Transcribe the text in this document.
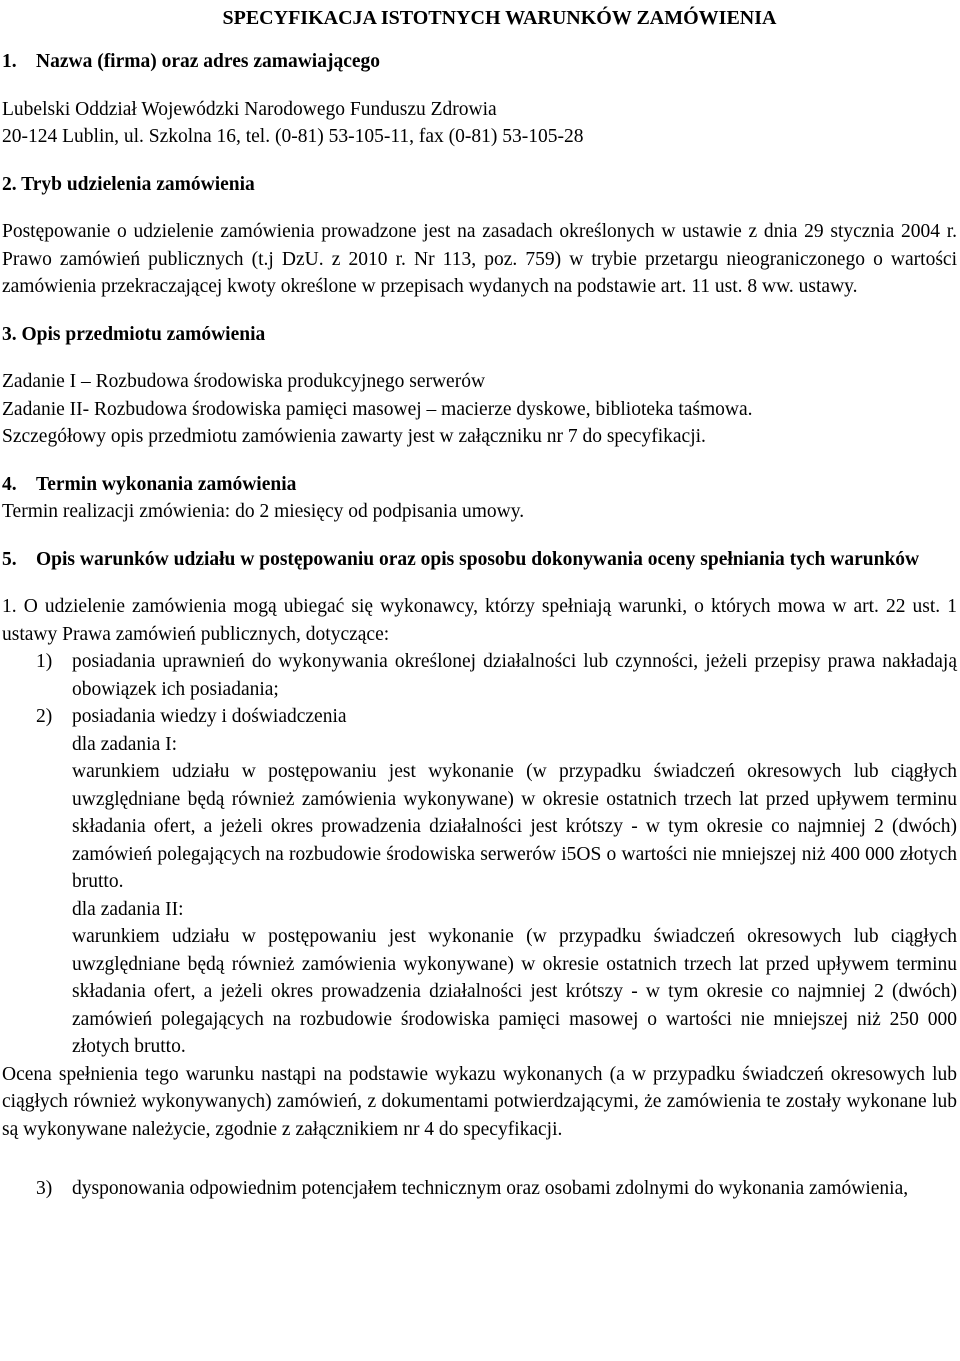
SPECYFIKACJA ISTOTNYCH WARUNKÓW ZAMÓWIENIA
1. Nazwa (firma) oraz adres zamawiającego

Lubelski Oddział Wojewódzki Narodowego Funduszu Zdrowia

20-124 Lublin, ul. Szkolna 16, tel. (0-81) 53-105-11, fax (0-81) 53-105-28

2. Tryb udzielenia zamówienia

Postępowanie o udzielenie zamówienia prowadzone jest na zasadach określonych w ustawie z dnia 29 stycznia 2004 r. Prawo zamówień publicznych (t.j DzU. z 2010 r. Nr 113, poz. 759) w trybie przetargu nieograniczonego o wartości zamówienia przekraczającej kwoty określone w przepisach wydanych na podstawie art. 11 ust. 8 ww. ustawy.

3. Opis przedmiotu zamówienia

Zadanie I – Rozbudowa środowiska produkcyjnego serwerów

Zadanie II- Rozbudowa środowiska pamięci masowej – macierze dyskowe, biblioteka taśmowa.

Szczegółowy opis przedmiotu zamówienia zawarty jest w załączniku nr 7 do specyfikacji.

4. Termin wykonania zamówienia

Termin realizacji zmówienia: do 2 miesięcy od podpisania umowy.

5. Opis warunków udziału w postępowaniu oraz opis sposobu dokonywania oceny spełniania tych warunków

1. O udzielenie zamówienia mogą ubiegać się wykonawcy, którzy spełniają warunki, o których mowa w art. 22 ust. 1 ustawy Prawa zamówień publicznych, dotyczące:

1)	posiadania uprawnień do wykonywania określonej działalności lub czynności, jeżeli przepisy prawa nakładają obowiązek ich posiadania;
2)	posiadania wiedzy i doświadczenia

dla zadania I:

warunkiem udziału w postępowaniu jest wykonanie (w przypadku świadczeń okresowych lub ciągłych uwzględniane będą również zamówienia wykonywane) w okresie ostatnich trzech lat przed upływem terminu składania ofert, a jeżeli okres prowadzenia działalności jest krótszy - w tym okresie co najmniej 2 (dwóch) zamówień polegających na rozbudowie środowiska serwerów i5OS o wartości nie mniejszej niż 400 000 złotych brutto.

dla zadania II:

warunkiem udziału w postępowaniu jest wykonanie (w przypadku świadczeń okresowych lub ciągłych uwzględniane będą również zamówienia wykonywane) w okresie ostatnich trzech lat przed upływem terminu składania ofert, a jeżeli okres prowadzenia działalności jest krótszy - w tym okresie co najmniej 2 (dwóch) zamówień polegających na rozbudowie środowiska pamięci masowej o wartości nie mniejszej niż 250 000 złotych brutto.

Ocena spełnienia tego warunku nastąpi na podstawie wykazu wykonanych (a w przypadku świadczeń okresowych lub ciągłych również wykonywanych) zamówień, z dokumentami potwierdzającymi, że zamówienia te zostały wykonane lub są wykonywane należycie, zgodnie z załącznikiem nr 4 do specyfikacji.

3)	dysponowania odpowiednim potencjałem technicznym oraz osobami zdolnymi do wykonania zamówienia,
